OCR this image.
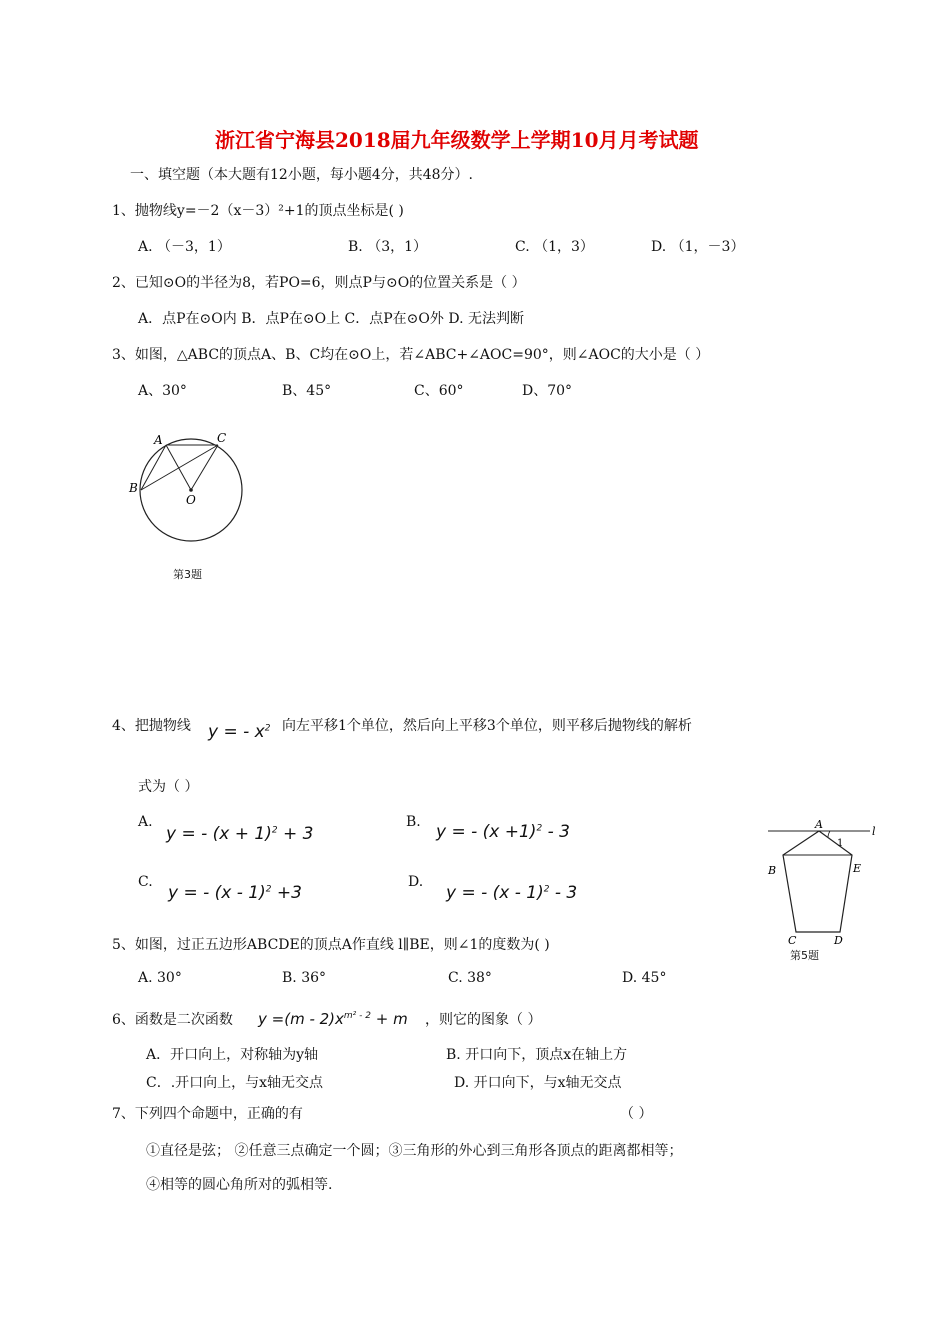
浙江省宁海县2018届九年级数学上学期10月月考试题
一、填空题（本大题有12小题，每小题4分，共48分）.
1、抛物线y=－2（x－3）²+1的顶点坐标是( )
A. （－3，1）	B. （3，1）	C. （1，3）	D. （1，－3）
2、已知⊙O的半径为8，若PO=6，则点P与⊙O的位置关系是（ ）
A．点P在⊙O内 B．点P在⊙O上 C．点P在⊙O外 D. 无法判断
3、如图，△ABC的顶点A、B、C均在⊙O上，若∠ABC+∠AOC=90°，则∠AOC的大小是（ ）
A、30°	B、45°	C、60°	D、70°
A	C
B
O
第3题
4、把抛物线 y = - $x^2$ 向左平移1个单位，然后向上平移3个单位，则平移后抛物线的解析
式为（ ）
A.
y = - $(x + 1)^2 + 3$
B. y = - $(x +1)^2 - 3$
C.
y = - (x - 1)$^2$ +3
D.
y = - (x - 1)$^2$ - 3
A
l
1
B	E
C	D
第5题
5、如图，过正五边形ABCDE的顶点A作直线 l∥BE，则∠1的度数为( )
A. 30°	B. 36°	C. 38°	D. 45°
6、函数是二次函数 $y =(m - 2)x^{m^2 - 2} + m$ ，则它的图象（ ）
A．开口向上，对称轴为y轴	B. 开口向下，顶点x在轴上方
C．.开口向上，与x轴无交点	D. 开口向下，与x轴无交点
7、下列四个命题中，正确的有	（ ）
①直径是弦； ②任意三点确定一个圆；③三角形的外心到三角形各顶点的距离都相等；
④相等的圆心角所对的弧相等.
